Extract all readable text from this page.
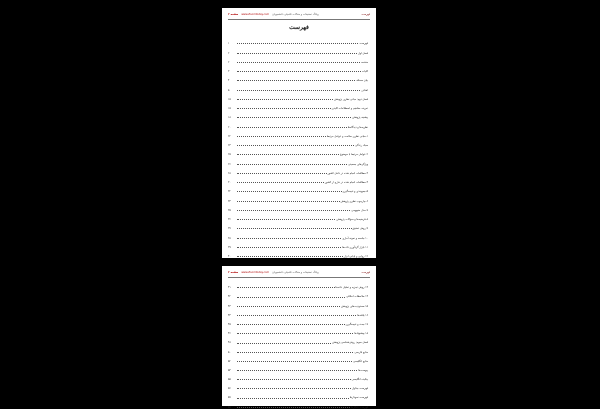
صفحه ۲ www.Zoomtoday.com وبلاگ تحقیقات و مقالات تکمیلی دانشجویان	فهرست
فهرست
۱	فهرست
۲	فصل اول
۲	مقدمه
۳	کلیات
۴	بیان مسئله
۵	اهداف
۱۵	فصل دوم: مبانی نظری پژوهش
۱۵	تعریف مفاهیم و اصطلاحات کلیدی
۱۸	پیشینه پژوهش
۲۰	نظریه‌ها و دیدگاه‌ها
۲۲	۱-مبانی نظری سلامت و عوامل مرتبط
۲۳	سبک زندگی
۲۵	۲-عوامل مرتبط با موضوع
۲۶	ویژگی‌های جمعیتی
۲۸	۳-مطالعات انجام شده در داخل کشور
۳۰	۴-مطالعات انجام شده در خارج از کشور
۳۲	۵-جمع‌بندی و نتیجه‌گیری
۳۳	۶-چارچوب نظری پژوهش
۳۵	۷-مدل مفهومی
۳۶	۸-فرضیه‌ها و سؤالات پژوهش
۳۷	۹-روش تحقیق
۳۸	۱۰-جامعه و نمونه آماری
۳۹	۱۱-ابزار گردآوری داده‌ها
۴۰	۱۲-روایی و پایایی ابزار
صفحه ۳ www.Zoomtoday.com وبلاگ تحقیقات و مقالات تکمیلی دانشجویان	فهرست
۴۱	۱۳-روش تجزیه و تحلیل داده‌ها
۴۲	۱۴-ملاحظات اخلاقی
۴۳	۱۵-محدودیت‌های پژوهش
۴۴	۱۶-یافته‌ها
۴۵	۱۷-بحث و نتیجه‌گیری
۴۶	۱۸-پیشنهادها
۴۸	فصل سوم: روش‌شناسی پژوهش
۵۰	منابع فارسی
۵۲	منابع انگلیسی
۵۴	پیوست‌ها
۵۵	چکیده انگلیسی
۵۶	فهرست جداول
۵۷	فهرست نمودارها
۵۸	فهرست شکل‌ها
